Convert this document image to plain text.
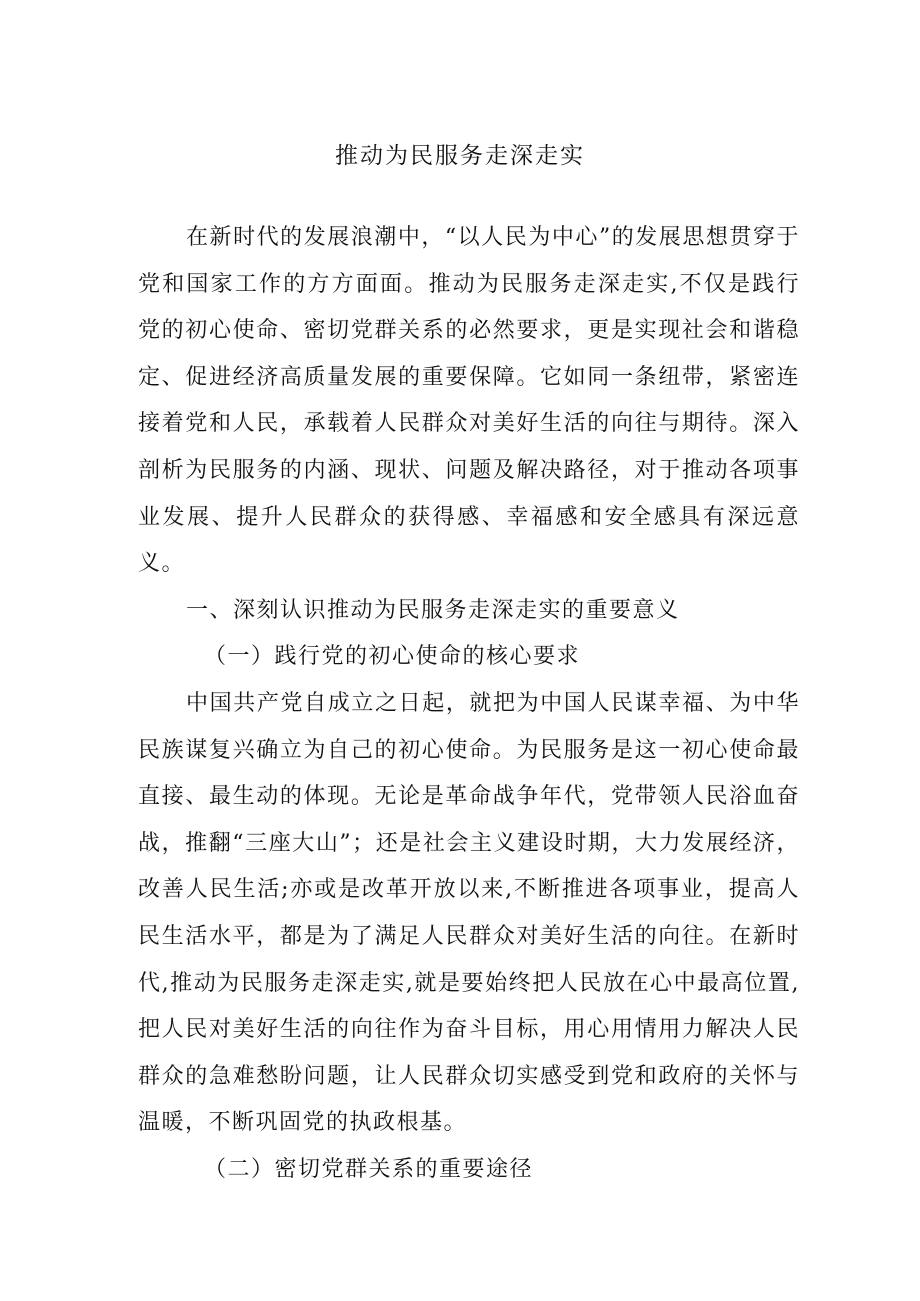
推动为民服务走深走实

在新时代的发展浪潮中，“以人民为中心”的发展思想贯穿于党和国家工作的方方面面。推动为民服务走深走实,不仅是践行党的初心使命、密切党群关系的必然要求，更是实现社会和谐稳定、促进经济高质量发展的重要保障。它如同一条纽带，紧密连接着党和人民，承载着人民群众对美好生活的向往与期待。深入剖析为民服务的内涵、现状、问题及解决路径，对于推动各项事业发展、提升人民群众的获得感、幸福感和安全感具有深远意义。

一、深刻认识推动为民服务走深走实的重要意义

（一）践行党的初心使命的核心要求

中国共产党自成立之日起，就把为中国人民谋幸福、为中华民族谋复兴确立为自己的初心使命。为民服务是这一初心使命最直接、最生动的体现。无论是革命战争年代，党带领人民浴血奋战，推翻“三座大山”；还是社会主义建设时期，大力发展经济，改善人民生活;亦或是改革开放以来,不断推进各项事业，提高人民生活水平，都是为了满足人民群众对美好生活的向往。在新时代,推动为民服务走深走实,就是要始终把人民放在心中最高位置,把人民对美好生活的向往作为奋斗目标，用心用情用力解决人民群众的急难愁盼问题，让人民群众切实感受到党和政府的关怀与温暖，不断巩固党的执政根基。

（二）密切党群关系的重要途径
